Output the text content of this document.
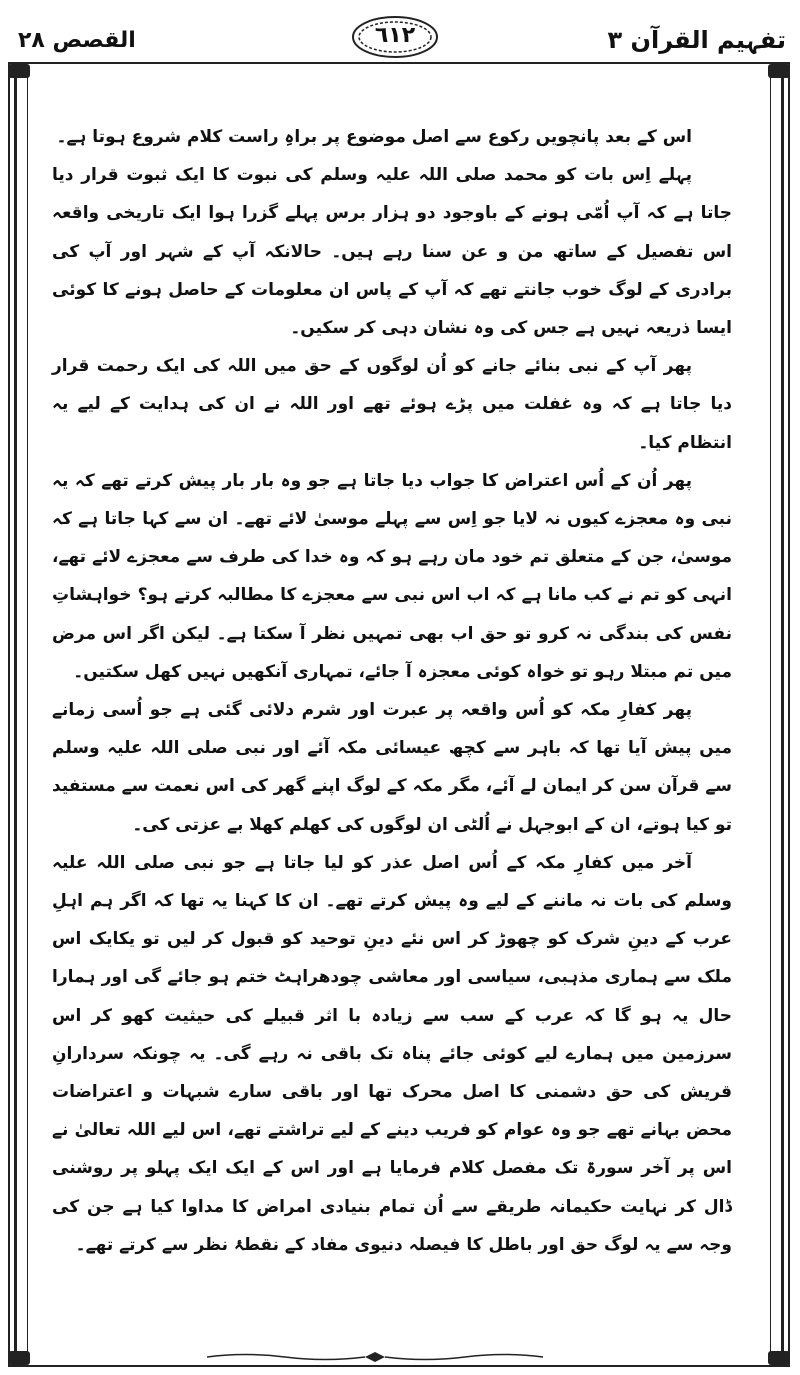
القصص ۲۸	٦١٢	تفہیم القرآن ۳

اس کے بعد پانچویں رکوع سے اصل موضوع پر براہِ راست کلام شروع ہوتا ہے۔

پہلے اِس بات کو محمد صلی اللہ علیہ وسلم کی نبوت کا ایک ثبوت قرار دیا جاتا ہے کہ آپ اُمّی ہونے کے باوجود دو ہزار برس پہلے گزرا ہوا ایک تاریخی واقعہ اس تفصیل کے ساتھ من و عن سنا رہے ہیں۔ حالانکہ آپ کے شہر اور آپ کی برادری کے لوگ خوب جانتے تھے کہ آپ کے پاس ان معلومات کے حاصل ہونے کا کوئی ایسا ذریعہ نہیں ہے جس کی وہ نشان دہی کر سکیں۔

پھر آپ کے نبی بنائے جانے کو اُن لوگوں کے حق میں اللہ کی ایک رحمت قرار دیا جاتا ہے کہ وہ غفلت میں پڑے ہوئے تھے اور اللہ نے ان کی ہدایت کے لیے یہ انتظام کیا۔

پھر اُن کے اُس اعتراض کا جواب دیا جاتا ہے جو وہ بار بار پیش کرتے تھے کہ یہ نبی وہ معجزے کیوں نہ لایا جو اِس سے پہلے موسیٰ لائے تھے۔ ان سے کہا جاتا ہے کہ موسیٰ، جن کے متعلق تم خود مان رہے ہو کہ وہ خدا کی طرف سے معجزے لائے تھے، انہی کو تم نے کب مانا ہے کہ اب اس نبی سے معجزے کا مطالبہ کرتے ہو؟ خواہشاتِ نفس کی بندگی نہ کرو تو حق اب بھی تمہیں نظر آ سکتا ہے۔ لیکن اگر اس مرض میں تم مبتلا رہو تو خواہ کوئی معجزہ آ جائے، تمہاری آنکھیں نہیں کھل سکتیں۔

پھر کفارِ مکہ کو اُس واقعہ پر عبرت اور شرم دلائی گئی ہے جو اُسی زمانے میں پیش آیا تھا کہ باہر سے کچھ عیسائی مکہ آئے اور نبی صلی اللہ علیہ وسلم سے قرآن سن کر ایمان لے آئے، مگر مکہ کے لوگ اپنے گھر کی اس نعمت سے مستفید تو کیا ہوتے، ان کے ابوجہل نے اُلٹی ان لوگوں کی کھلم کھلا بے عزتی کی۔

آخر میں کفارِ مکہ کے اُس اصل عذر کو لیا جاتا ہے جو نبی صلی اللہ علیہ وسلم کی بات نہ ماننے کے لیے وہ پیش کرتے تھے۔ ان کا کہنا یہ تھا کہ اگر ہم اہلِ عرب کے دینِ شرک کو چھوڑ کر اس نئے دینِ توحید کو قبول کر لیں تو یکایک اس ملک سے ہماری مذہبی، سیاسی اور معاشی چودھراہٹ ختم ہو جائے گی اور ہمارا حال یہ ہو گا کہ عرب کے سب سے زیادہ با اثر قبیلے کی حیثیت کھو کر اس سرزمین میں ہمارے لیے کوئی جائے پناہ تک باقی نہ رہے گی۔ یہ چونکہ سردارانِ قریش کی حق دشمنی کا اصل محرک تھا اور باقی سارے شبہات و اعتراضات محض بہانے تھے جو وہ عوام کو فریب دینے کے لیے تراشتے تھے، اس لیے اللہ تعالیٰ نے اس پر آخر سورۃ تک مفصل کلام فرمایا ہے اور اس کے ایک ایک پہلو پر روشنی ڈال کر نہایت حکیمانہ طریقے سے اُن تمام بنیادی امراض کا مداوا کیا ہے جن کی وجہ سے یہ لوگ حق اور باطل کا فیصلہ دنیوی مفاد کے نقطۂ نظر سے کرتے تھے۔
